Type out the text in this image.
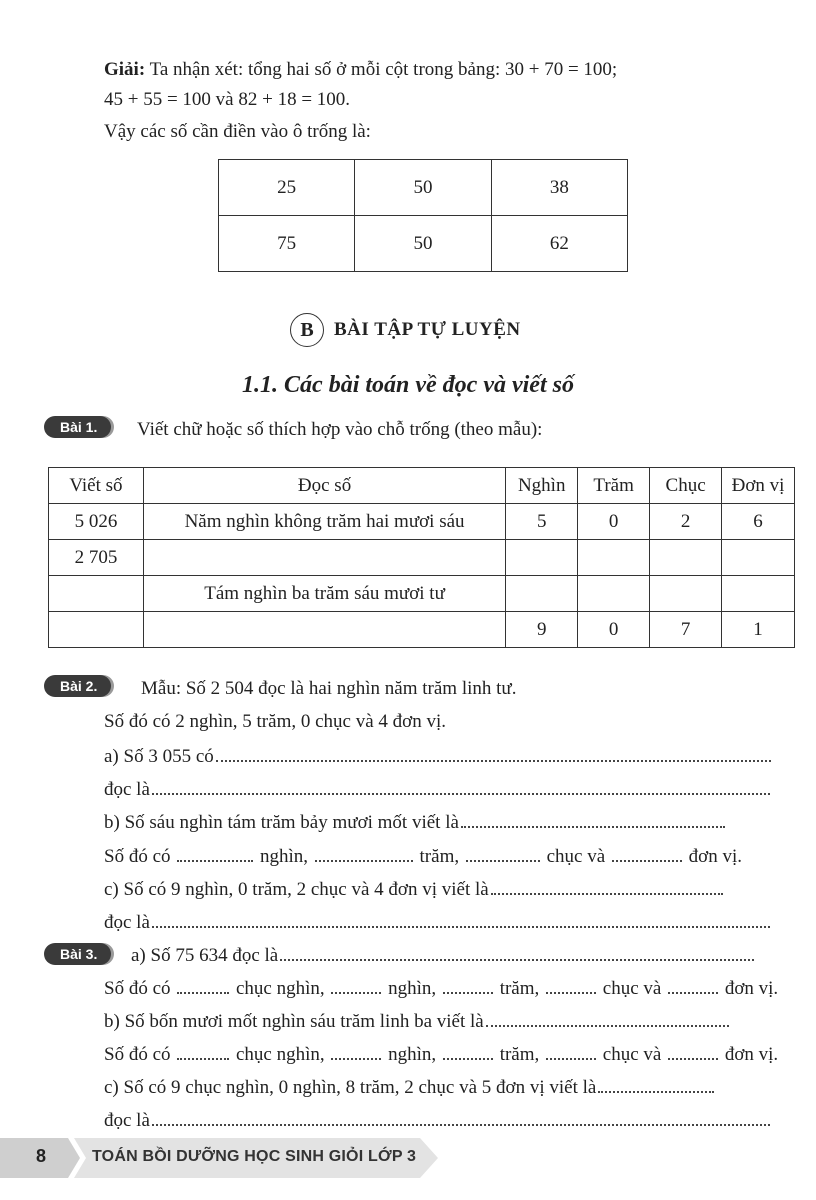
Giải: Ta nhận xét: tổng hai số ở mỗi cột trong bảng: 30 + 70 = 100;
45 + 55 = 100 và 82 + 18 = 100.
Vậy các số cần điền vào ô trống là:
25	50	38
75	50	62
B	BÀI TẬP TỰ LUYỆN
1.1. Các bài toán về đọc và viết số
Bài 1.	Viết chữ hoặc số thích hợp vào chỗ trống (theo mẫu):
Viết số	Đọc số	Nghìn	Trăm	Chục	Đơn vị
5 026	Năm nghìn không trăm hai mươi sáu	5	0	2	6
2 705					
	Tám nghìn ba trăm sáu mươi tư				
		9	0	7	1
Bài 2.	Mẫu: Số 2 504 đọc là hai nghìn năm trăm linh tư.
Số đó có 2 nghìn, 5 trăm, 0 chục và 4 đơn vị.
a) Số 3 055 có
đọc là
b) Số sáu nghìn tám trăm bảy mươi mốt viết là
Số đó có	nghìn,	trăm,	chục và	đơn vị.
c) Số có 9 nghìn, 0 trăm, 2 chục và 4 đơn vị viết là
đọc là
Bài 3.	a) Số 75 634 đọc là
Số đó có	chục nghìn,	nghìn,	trăm,	chục và	đơn vị.
b) Số bốn mươi mốt nghìn sáu trăm linh ba viết là
Số đó có	chục nghìn,	nghìn,	trăm,	chục và	đơn vị.
c) Số có 9 chục nghìn, 0 nghìn, 8 trăm, 2 chục và 5 đơn vị viết là
đọc là
8	TOÁN BỒI DƯỠNG HỌC SINH GIỎI LỚP 3
